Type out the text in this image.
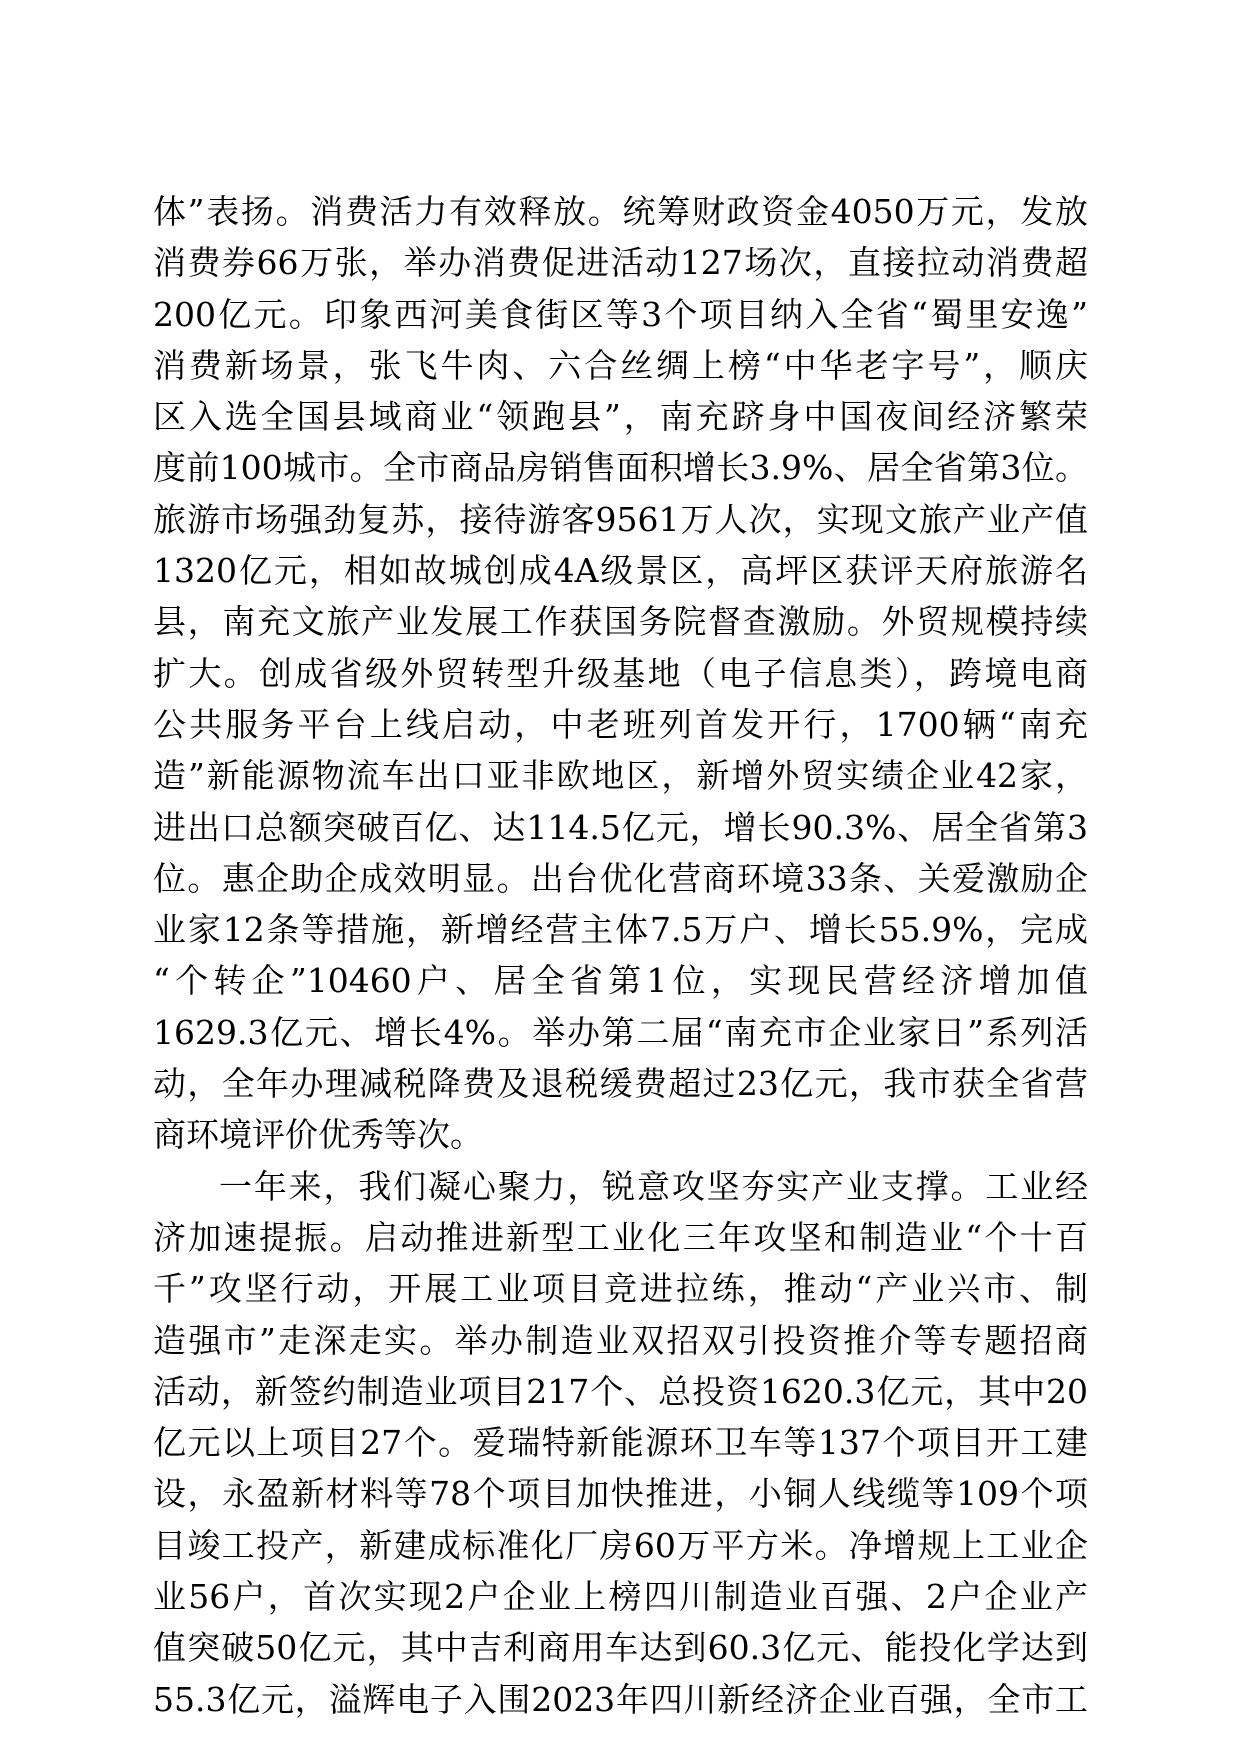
体”表扬。消费活力有效释放。统筹财政资金4050万元，发放
消费券66万张，举办消费促进活动127场次，直接拉动消费超
200亿元。印象西河美食街区等3个项目纳入全省“蜀里安逸”
消费新场景，张飞牛肉、六合丝绸上榜“中华老字号”，顺庆
区入选全国县域商业“领跑县”，南充跻身中国夜间经济繁荣
度前100城市。全市商品房销售面积增长3.9%、居全省第3位。
旅游市场强劲复苏，接待游客9561万人次，实现文旅产业产值
1320亿元，相如故城创成4A级景区，高坪区获评天府旅游名
县，南充文旅产业发展工作获国务院督查激励。外贸规模持续
扩大。创成省级外贸转型升级基地（电子信息类），跨境电商
公共服务平台上线启动，中老班列首发开行，1700辆“南充
造”新能源物流车出口亚非欧地区，新增外贸实绩企业42家，
进出口总额突破百亿、达114.5亿元，增长90.3%、居全省第3
位。惠企助企成效明显。出台优化营商环境33条、关爱激励企
业家12条等措施，新增经营主体7.5万户、增长55.9%，完成
“个转企”10460户、居全省第1位，实现民营经济增加值
1629.3亿元、增长4%。举办第二届“南充市企业家日”系列活
动，全年办理减税降费及退税缓费超过23亿元，我市获全省营
商环境评价优秀等次。
一年来，我们凝心聚力，锐意攻坚夯实产业支撑。工业经
济加速提振。启动推进新型工业化三年攻坚和制造业“个十百
千”攻坚行动，开展工业项目竞进拉练，推动“产业兴市、制
造强市”走深走实。举办制造业双招双引投资推介等专题招商
活动，新签约制造业项目217个、总投资1620.3亿元，其中20
亿元以上项目27个。爱瑞特新能源环卫车等137个项目开工建
设，永盈新材料等78个项目加快推进，小铜人线缆等109个项
目竣工投产，新建成标准化厂房60万平方米。净增规上工业企
业56户，首次实现2户企业上榜四川制造业百强、2户企业产
值突破50亿元，其中吉利商用车达到60.3亿元、能投化学达到
55.3亿元，溢辉电子入围2023年四川新经济企业百强，全市工
